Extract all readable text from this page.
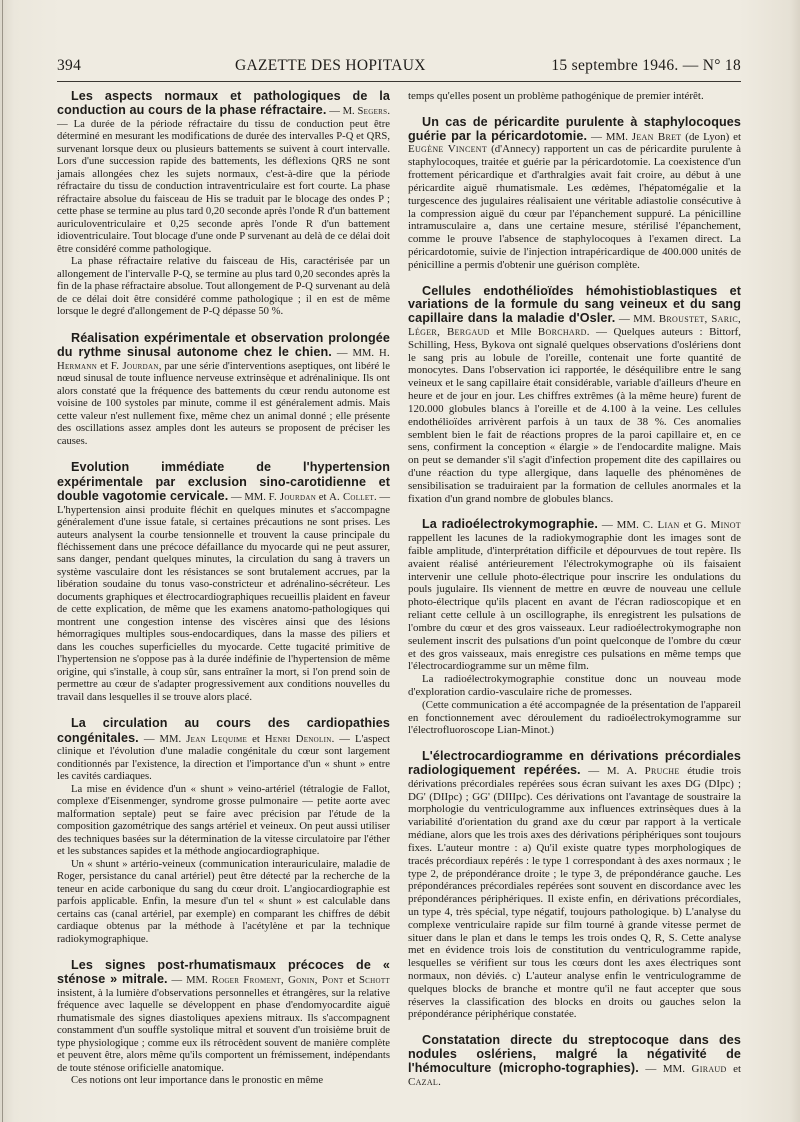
394	GAZETTE DES HOPITAUX	15 septembre 1946. — N° 18

Les aspects normaux et pathologiques de la conduction au cours de la phase réfractaire. — M. Segers. — La durée de la période réfractaire du tissu de conduction peut être déterminé en mesurant les modifications de durée des intervalles P-Q et QRS, survenant lorsque deux ou plusieurs battements se suivent à court intervalle. Lors d'une succession rapide des battements, les déflexions QRS ne sont jamais allongées chez les sujets normaux, c'est-à-dire que la période réfractaire du tissu de conduction intraventriculaire est fort courte. La phase réfractaire absolue du faisceau de His se traduit par le blocage des ondes P ; cette phase se termine au plus tard 0,20 seconde après l'onde R d'un battement auriculoventriculaire et 0,25 seconde après l'onde R d'un battement idioventriculaire. Tout blocage d'une onde P survenant au delà de ce délai doit être considéré comme pathologique.

La phase réfractaire relative du faisceau de His, caractérisée par un allongement de l'intervalle P-Q, se termine au plus tard 0,20 secondes après la fin de la phase réfractaire absolue. Tout allongement de P-Q survenant au delà de ce délai doit être considéré comme pathologique ; il en est de même lorsque le degré d'allongement de P-Q dépasse 50 %.

Réalisation expérimentale et observation prolongée du rythme sinusal autonome chez le chien. — MM. H. Hermann et F. Jourdan, par une série d'interventions aseptiques, ont libéré le nœud sinusal de toute influence nerveuse extrinsèque et adrénalinique. Ils ont alors constaté que la fréquence des battements du cœur rendu autonome est voisine de 100 systoles par minute, comme il est généralement admis. Mais cette valeur n'est nullement fixe, même chez un animal donné ; elle présente des oscillations assez amples dont les auteurs se proposent de préciser les causes.

Evolution immédiate de l'hypertension expérimentale par exclusion sino-carotidienne et double vagotomie cervicale. — MM. F. Jourdan et A. Collet. — L'hypertension ainsi produite fléchit en quelques minutes et s'accompagne généralement d'une issue fatale, si certaines précautions ne sont prises. Les auteurs analysent la courbe tensionnelle et trouvent la cause principale du fléchissement dans une précoce défaillance du myocarde qui ne peut assurer, sans danger, pendant quelques minutes, la circulation du sang à travers un système vasculaire dont les résistances se sont brutalement accrues, par la libération soudaine du tonus vaso-constricteur et adrénalino-sécréteur. Les documents graphiques et électrocardiographiques recueillis plaident en faveur de cette explication, de même que les examens anatomo-pathologiques qui montrent une congestion intense des viscères ainsi que des lésions hémorragiques multiples sous-endocardiques, dans la masse des piliers et dans les couches superficielles du myocarde. Cette tugacité primitive de l'hypertension ne s'oppose pas à la durée indéfinie de l'hypertension de même origine, qui s'installe, à coup sûr, sans entraîner la mort, si l'on prend soin de permettre au cœur de s'adapter progressivement aux conditions nouvelles du travail dans lesquelles il se trouve alors placé.

La circulation au cours des cardiopathies congénitales. — MM. Jean Lequime et Henri Denolin. — L'aspect clinique et l'évolution d'une maladie congénitale du cœur sont largement conditionnés par l'existence, la direction et l'importance d'un « shunt » entre les cavités cardiaques.

La mise en évidence d'un « shunt » veino-artériel (tétralogie de Fallot, complexe d'Eisenmenger, syndrome grosse pulmonaire — petite aorte avec malformation septale) peut se faire avec précision par l'étude de la composition gazométrique des sangs artériel et veineux. On peut aussi utiliser des techniques basées sur la détermination de la vitesse circulatoire par l'éther et les substances sapides et la méthode angiocardiographique.

Un « shunt » artério-veineux (communication interauriculaire, maladie de Roger, persistance du canal artériel) peut être détecté par la recherche de la teneur en acide carbonique du sang du cœur droit. L'angiocardiographie est parfois applicable. Enfin, la mesure d'un tel « shunt » est calculable dans certains cas (canal artériel, par exemple) en comparant les chiffres de débit cardiaque obtenus par la méthode à l'acétylène et par la technique radiokymographique.

Les signes post-rhumatismaux précoces de « sténose » mitrale. — MM. Roger Froment, Gonin, Pont et Schott insistent, à la lumière d'observations personnelles et étrangères, sur la relative fréquence avec laquelle se développent en phase d'endomyocardite aiguë rhumatismale des signes diastoliques apexiens mitraux. Ils s'accompagnent constamment d'un souffle systolique mitral et souvent d'un troisième bruit de type physiologique ; comme eux ils rétrocèdent souvent de manière complète et peuvent être, alors même qu'ils comportent un frémissement, indépendants de toute sténose orificielle anatomique.

Ces notions ont leur importance dans le pronostic en même

temps qu'elles posent un problème pathogénique de premier intérêt.

Un cas de péricardite purulente à staphylocoques guérie par la péricardotomie. — MM. Jean Bret (de Lyon) et Eugène Vincent (d'Annecy) rapportent un cas de péricardite purulente à staphylocoques, traitée et guérie par la péricardotomie. La coexistence d'un frottement péricardique et d'arthralgies avait fait croire, au début à une péricardite aiguë rhumatismale. Les œdèmes, l'hépatomégalie et la turgescence des jugulaires réalisaient une véritable adiastolie consécutive à la compression aiguë du cœur par l'épanchement suppuré. La pénicilline intramusculaire a, dans une certaine mesure, stérilisé l'épanchement, comme le prouve l'absence de staphylocoques à l'examen direct. La péricardotomie, suivie de l'injection intrapéricardique de 400.000 unités de pénicilline a permis d'obtenir une guérison complète.

Cellules endothélioïdes hémohistioblastiques et variations de la formule du sang veineux et du sang capillaire dans la maladie d'Osler. — MM. Broustet, Saric, Léger, Bergaud et Mlle Borchard. — Quelques auteurs : Bittorf, Schilling, Hess, Bykova ont signalé quelques observations d'oslériens dont le sang pris au lobule de l'oreille, contenait une forte quantité de monocytes. Dans l'observation ici rapportée, le déséquilibre entre le sang veineux et le sang capillaire était considérable, variable d'ailleurs d'heure en heure et de jour en jour. Les chiffres extrêmes (à la même heure) furent de 120.000 globules blancs à l'oreille et de 4.100 à la veine. Les cellules endothélioïdes arrivèrent parfois à un taux de 38 %. Ces anomalies semblent bien le fait de réactions propres de la paroi capillaire et, en ce sens, confirment la conception « élargie » de l'endocardite maligne. Mais on peut se demander s'il s'agit d'infection propement dite des capillaires ou d'une réaction du type allergique, dans laquelle des phénomènes de sensibilisation se traduiraient par la formation de cellules anormales et la fixation d'un grand nombre de globules blancs.

La radioélectrokymographie. — MM. C. Lian et G. Minot rappellent les lacunes de la radiokymographie dont les images sont de faible amplitude, d'interprétation difficile et dépourvues de tout repère. Ils avaient réalisé antérieurement l'électrokymographe où ils faisaient intervenir une cellule photo-électrique pour inscrire les ondulations du pouls jugulaire. Ils viennent de mettre en œuvre de nouveau une cellule photo-électrique qu'ils placent en avant de l'écran radioscopique et en reliant cette cellule à un oscillographe, ils enregistrent les pulsations de l'ombre du cœur et des gros vaisseaux. Leur radioélectrokymographe non seulement inscrit des pulsations d'un point quelconque de l'ombre du cœur et des gros vaisseaux, mais enregistre ces pulsations en même temps que l'électrocardiogramme sur un même film.

La radioélectrokymographie constitue donc un nouveau mode d'exploration cardio-vasculaire riche de promesses.

(Cette communication a été accompagnée de la présentation de l'appareil en fonctionnement avec déroulement du radioélectrokymogramme sur l'électrofluoroscope Lian-Minot.)

L'électrocardiogramme en dérivations précordiales radiologiquement repérées. — M. A. Pruche étudie trois dérivations précordiales repérées sous écran suivant les axes DG (DIpc) ; DG' (DIIpc) ; GG' (DIIIpc). Ces dérivations ont l'avantage de soustraire la morphologie du ventriculogramme aux influences extrinsèques dues à la variabilité d'orientation du grand axe du cœur par rapport à la verticale médiane, alors que les trois axes des dérivations périphériques sont toujours fixes. L'auteur montre : a) Qu'il existe quatre types morphologiques de tracés précordiaux repérés : le type 1 correspondant à des axes normaux ; le type 2, de prépondérance droite ; le type 3, de prépondérance gauche. Les prépondérances précordiales repérées sont souvent en discordance avec les prépondérances périphériques. Il existe enfin, en dérivations précordiales, un type 4, très spécial, type négatif, toujours pathologique. b) L'analyse du complexe ventriculaire rapide sur film tourné à grande vitesse permet de situer dans le plan et dans le temps les trois ondes Q, R, S. Cette analyse met en évidence trois lois de constitution du ventriculogramme rapide, lesquelles se vérifient sur tous les cœurs dont les axes électriques sont normaux, non déviés. c) L'auteur analyse enfin le ventriculogramme de quelques blocks de branche et montre qu'il ne faut accepter que sous réserves la classification des blocks en droits ou gauches selon la prépondérance périphérique constatée.

Constatation directe du streptocoque dans des nodules oslériens, malgré la négativité de l'hémoculture (micropho-tographies). — MM. Giraud et Cazal.
